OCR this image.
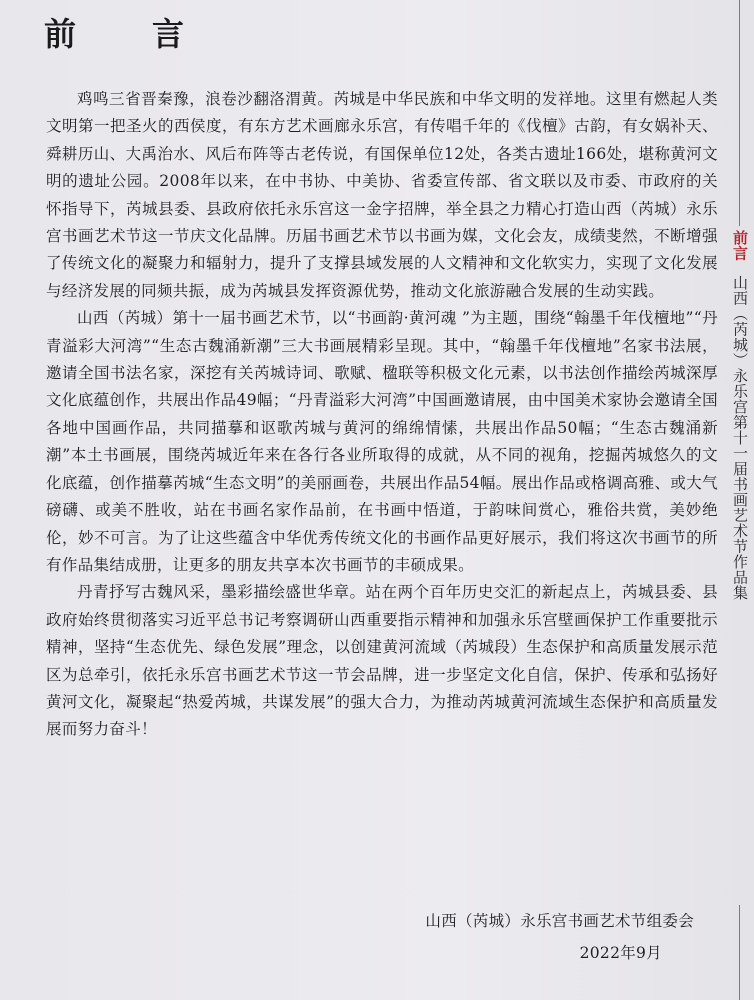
前　言

鸡鸣三省晋秦豫，浪卷沙翻洛渭黄。芮城是中华民族和中华文明的发祥地。这里有燃起人类文明第一把圣火的西侯度，有东方艺术画廊永乐宫，有传唱千年的《伐檀》古韵，有女娲补天、舜耕历山、大禹治水、风后布阵等古老传说，有国保单位12处，各类古遗址166处，堪称黄河文明的遗址公园。2008年以来，在中书协、中美协、省委宣传部、省文联以及市委、市政府的关怀指导下，芮城县委、县政府依托永乐宫这一金字招牌，举全县之力精心打造山西（芮城）永乐宫书画艺术节这一节庆文化品牌。历届书画艺术节以书画为媒，文化会友，成绩斐然，不断增强了传统文化的凝聚力和辐射力，提升了支撑县域发展的人文精神和文化软实力，实现了文化发展与经济发展的同频共振，成为芮城县发挥资源优势，推动文化旅游融合发展的生动实践。

山西（芮城）第十一届书画艺术节，以“书画韵·黄河魂 ”为主题，围绕“翰墨千年伐檀地”“丹青溢彩大河湾”“生态古魏涌新潮”三大书画展精彩呈现。其中，“翰墨千年伐檀地”名家书法展，邀请全国书法名家，深挖有关芮城诗词、歌赋、楹联等积极文化元素，以书法创作描绘芮城深厚文化底蕴创作，共展出作品49幅；“丹青溢彩大河湾”中国画邀请展，由中国美术家协会邀请全国各地中国画作品，共同描摹和讴歌芮城与黄河的绵绵情愫，共展出作品50幅；“生态古魏涌新潮”本土书画展，围绕芮城近年来在各行各业所取得的成就，从不同的视角，挖掘芮城悠久的文化底蕴，创作描摹芮城“生态文明”的美丽画卷，共展出作品54幅。展出作品或格调高雅、或大气磅礴、或美不胜收，站在书画名家作品前，在书画中悟道，于韵味间赏心，雅俗共赏，美妙绝伦，妙不可言。为了让这些蕴含中华优秀传统文化的书画作品更好展示，我们将这次书画节的所有作品集结成册，让更多的朋友共享本次书画节的丰硕成果。

丹青抒写古魏风采，墨彩描绘盛世华章。站在两个百年历史交汇的新起点上，芮城县委、县政府始终贯彻落实习近平总书记考察调研山西重要指示精神和加强永乐宫壁画保护工作重要批示精神，坚持“生态优先、绿色发展”理念，以创建黄河流域（芮城段）生态保护和高质量发展示范区为总牵引，依托永乐宫书画艺术节这一节会品牌，进一步坚定文化自信，保护、传承和弘扬好黄河文化，凝聚起“热爱芮城，共谋发展”的强大合力，为推动芮城黄河流域生态保护和高质量发展而努力奋斗！

山西（芮城）永乐宫书画艺术节组委会
2022年9月
前言山西（芮城）永乐宫第十一届书画艺术节作品集
